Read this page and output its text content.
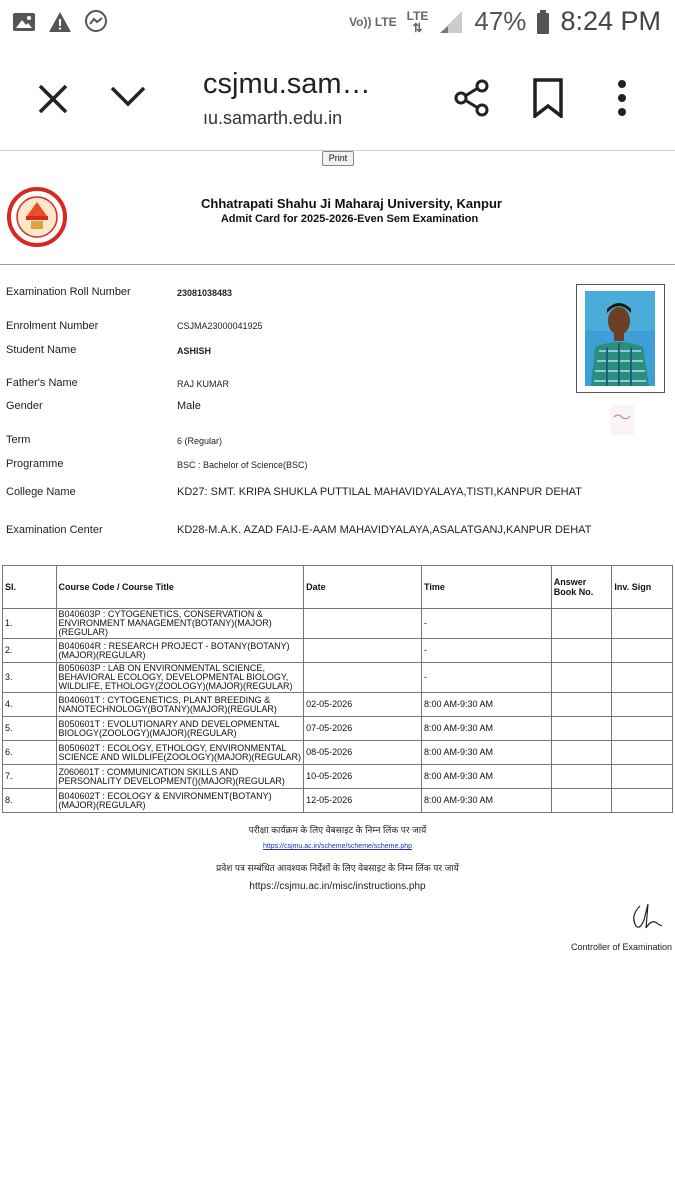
Vo)) LTE LTE
⇅ 47% 8:24 PM
csjmu.sam…
ıu.samarth.edu.in
Print
Chhatrapati Shahu Ji Maharaj University, Kanpur
Admit Card for 2025-2026-Even Sem Examination
Examination Roll Number	23081038483
Enrolment Number	CSJMA23000041925
Student Name	ASHISH
Father's Name	RAJ KUMAR
Gender	Male
Term	6 (Regular)
Programme	BSC : Bachelor of Science(BSC)
College Name	KD27: SMT. KRIPA SHUKLA PUTTILAL MAHAVIDYALAYA,TISTI,KANPUR DEHAT
Examination Center	KD28-M.A.K. AZAD FAIJ-E-AAM MAHAVIDYALAYA,ASALATGANJ,KANPUR DEHAT
Sl.	Course Code / Course Title	Date	Time	Answer Book No.	Inv. Sign
1.	B040603P : CYTOGENETICS, CONSERVATION & ENVIRONMENT MANAGEMENT(BOTANY)(MAJOR)(REGULAR)		-		
2.	B040604R : RESEARCH PROJECT - BOTANY(BOTANY)(MAJOR)(REGULAR)		-		
3.	B050603P : LAB ON ENVIRONMENTAL SCIENCE, BEHAVIORAL ECOLOGY, DEVELOPMENTAL BIOLOGY, WILDLIFE, ETHOLOGY(ZOOLOGY)(MAJOR)(REGULAR)		-		
4.	B040601T : CYTOGENETICS, PLANT BREEDING & NANOTECHNOLOGY(BOTANY)(MAJOR)(REGULAR)	02-05-2026	8:00 AM-9:30 AM		
5.	B050601T : EVOLUTIONARY AND DEVELOPMENTAL BIOLOGY(ZOOLOGY)(MAJOR)(REGULAR)	07-05-2026	8:00 AM-9:30 AM		
6.	B050602T : ECOLOGY, ETHOLOGY, ENVIRONMENTAL SCIENCE AND WILDLIFE(ZOOLOGY)(MAJOR)(REGULAR)	08-05-2026	8:00 AM-9:30 AM		
7.	Z060601T : COMMUNICATION SKILLS AND PERSONALITY DEVELOPMENT()(MAJOR)(REGULAR)	10-05-2026	8:00 AM-9:30 AM		
8.	B040602T : ECOLOGY & ENVIRONMENT(BOTANY)(MAJOR)(REGULAR)	12-05-2026	8:00 AM-9:30 AM		
परीक्षा कार्यक्रम के लिए वेबसाइट के निम्न लिंक पर जायें
https://csjmu.ac.in/scheme/scheme/scheme.php
प्रवेश पत्र सम्बंधित आवश्यक निर्देशों के लिए वेबसाइट के निम्न लिंक पर जायें
https://csjmu.ac.in/misc/instructions.php
Controller of Examination
